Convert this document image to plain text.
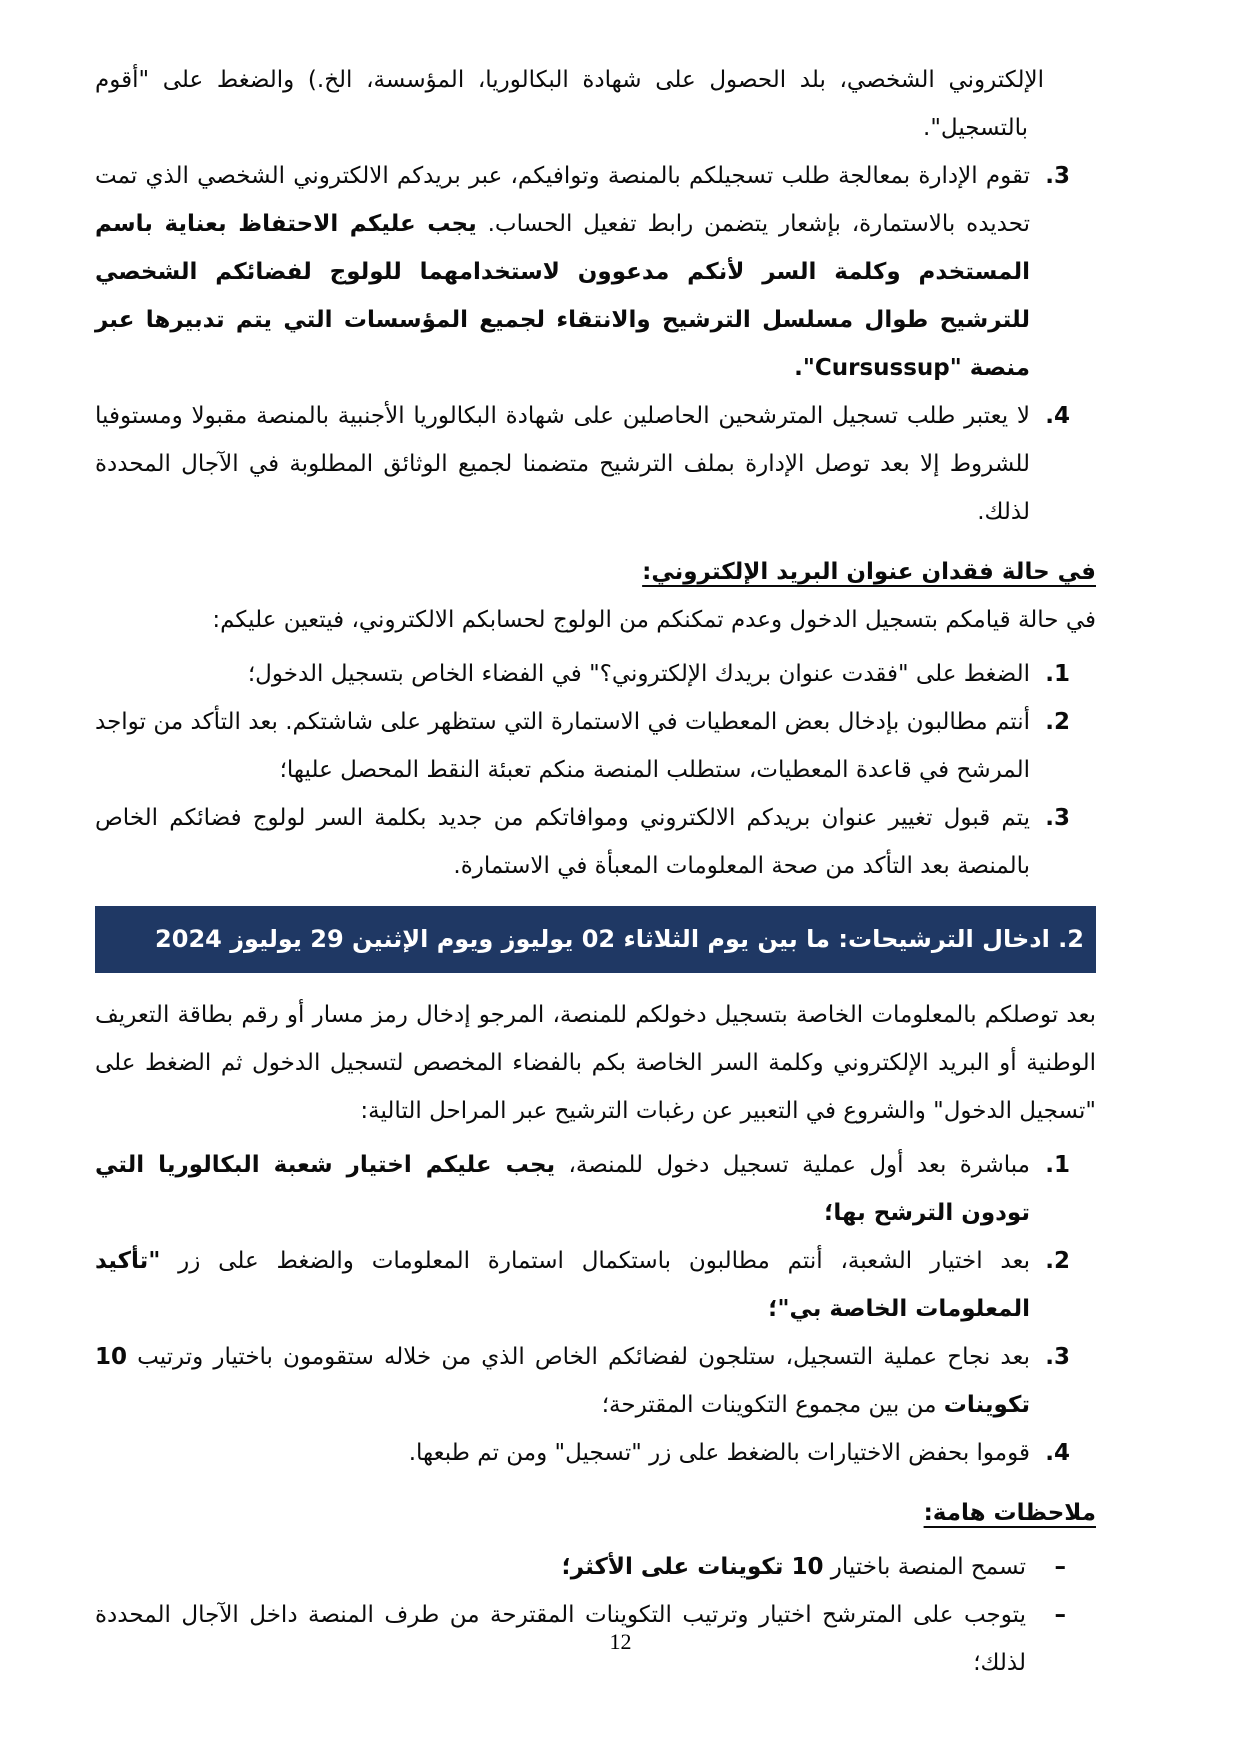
الإلكتروني الشخصي، بلد الحصول على شهادة البكالوريا، المؤسسة، الخ.) والضغط على "أقوم
بالتسجيل".
3.
تقوم الإدارة بمعالجة طلب تسجيلكم بالمنصة وتوافيكم، عبر بريدكم الالكتروني الشخصي الذي تمت تحديده بالاستمارة، بإشعار يتضمن رابط تفعيل الحساب. يجب عليكم الاحتفاظ بعناية باسم المستخدم وكلمة السر لأنكم مدعوون لاستخدامهما للولوج لفضائكم الشخصي للترشيح طوال مسلسل الترشيح والانتقاء لجميع المؤسسات التي يتم تدبيرها عبر منصة "Cursussup".
4.
لا يعتبر طلب تسجيل المترشحين الحاصلين على شهادة البكالوريا الأجنبية بالمنصة مقبولا ومستوفيا للشروط إلا بعد توصل الإدارة بملف الترشيح متضمنا لجميع الوثائق المطلوبة في الآجال المحددة لذلك.
في حالة فقدان عنوان البريد الإلكتروني:
في حالة قيامكم بتسجيل الدخول وعدم تمكنكم من الولوج لحسابكم الالكتروني، فيتعين عليكم:
1.
الضغط على "فقدت عنوان بريدك الإلكتروني؟" في الفضاء الخاص بتسجيل الدخول؛
2.
أنتم مطالبون بإدخال بعض المعطيات في الاستمارة التي ستظهر على شاشتكم. بعد التأكد من تواجد المرشح في قاعدة المعطيات، ستطلب المنصة منكم تعبئة النقط المحصل عليها؛
3.
يتم قبول تغيير عنوان بريدكم الالكتروني وموافاتكم من جديد بكلمة السر لولوج فضائكم الخاص بالمنصة بعد التأكد من صحة المعلومات المعبأة في الاستمارة.
2. ادخال الترشيحات: ما بين يوم الثلاثاء 02 يوليوز ويوم الإثنين 29 يوليوز 2024
بعد توصلكم بالمعلومات الخاصة بتسجيل دخولكم للمنصة، المرجو إدخال رمز مسار أو رقم بطاقة التعريف الوطنية أو البريد الإلكتروني وكلمة السر الخاصة بكم بالفضاء المخصص لتسجيل الدخول ثم الضغط على "تسجيل الدخول" والشروع في التعبير عن رغبات الترشيح عبر المراحل التالية:
1.
مباشرة بعد أول عملية تسجيل دخول للمنصة، يجب عليكم اختيار شعبة البكالوريا التي تودون الترشح بها؛
2.
بعد اختيار الشعبة، أنتم مطالبون باستكمال استمارة المعلومات والضغط على زر "تأكيد المعلومات الخاصة بي"؛
3.
بعد نجاح عملية التسجيل، ستلجون لفضائكم الخاص الذي من خلاله ستقومون باختيار وترتيب 10 تكوينات من بين مجموع التكوينات المقترحة؛
4.
قوموا بحفض الاختيارات بالضغط على زر "تسجيل" ومن تم طبعها.
ملاحظات هامة:
–
تسمح المنصة باختيار 10 تكوينات على الأكثر؛
–
يتوجب على المترشح اختيار وترتيب التكوينات المقترحة من طرف المنصة داخل الآجال المحددة لذلك؛
12
